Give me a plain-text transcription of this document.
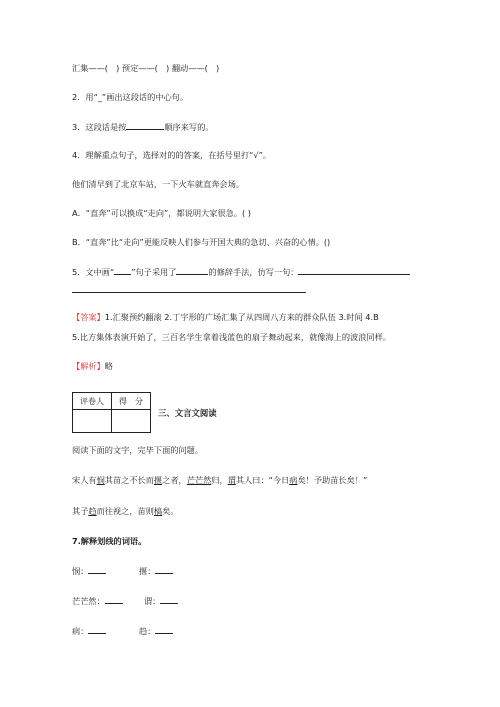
汇集——(　) 预定——(　) 翻动——(　)
2．用“_”画出这段话的中心句。
3．这段话是按	顺序来写的。
4．理解重点句子，选择对的的答案，在括号里打“√”。
他们清早到了北京车站，一下火车就直奔会场。
A．“直奔”可以换成“走向”，都说明大家很急。( )
B．“直奔”比“走向”更能反映人们参与开国大典的急切、兴奋的心情。()
5．文中画“ ”句子采用了	的修辞手法，仿写一句：
【答案】1.汇聚预约翻滚 2.丁字形的广场汇集了从四周八方来的群众队伍 3.时间 4.B
5.比方集体表演开始了，三百名学生拿着浅蓝色的扇子舞动起来，就像海上的波浪同样。
【解析】略
评卷人	得　分

三、文言文阅读
阅读下面的文字，完毕下面的问题。
宋人有悯其苗之不长而揠之者，芒芒然归，谓其人曰：“今日病矣！予助苗长矣！”
其子趋而往视之，苗则槁矣。
7.解释划线的词语。
悯：	揠：
芒芒然：	谓：
病：	趋：
